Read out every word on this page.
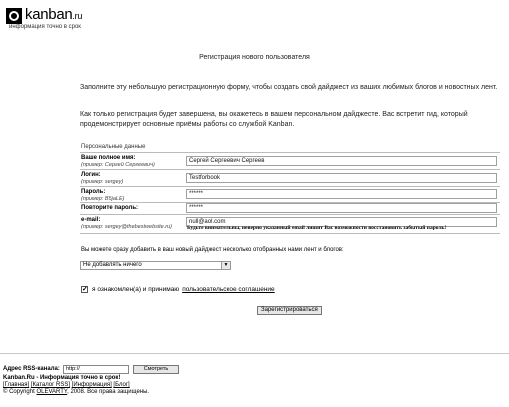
kanban.ru
информация точно в срок
Регистрация нового пользователя

Заполните эту небольшую регистрационную форму, чтобы создать свой дайджест из ваших любимых блогов и новостных лент.

Как только регистрация будет завершена, вы окажетесь в вашем персональном дайджесте. Вас встретит гид, который продемонстрирует основные приёмы работы со службой Kanban.

Персональные данные
Ваше полное имя:
(пример: Сергей Сергеевич)
Сергей Сергеевич Сергеев
Логин:
(пример: sergey)
Testforbook
Пароль:
(пример: B5jaLE)
******
Повторите пароль:	******
e-mail:
(пример: sergey@thebestwebsite.ru)
null@aol.com
Будьте внимательны, неверно указанный email лишит Вас возможности восстановить забытый пароль!
Вы можете сразу добавить в ваш новый дайджест несколько отобранных нами лент и блогов:
Не добавлять ничего	▼
✓ я ознакомлен(а) и принимаю пользовательское соглашение
Зарегистрироваться
Адрес RSS-канала:	http://	Смотреть
Kanban.Ru - Информация точно в срок!
[Главная] [Каталог RSS] [Информация] [Блог]
© Copyright OLEVARTY, 2008. Все права защищены.
